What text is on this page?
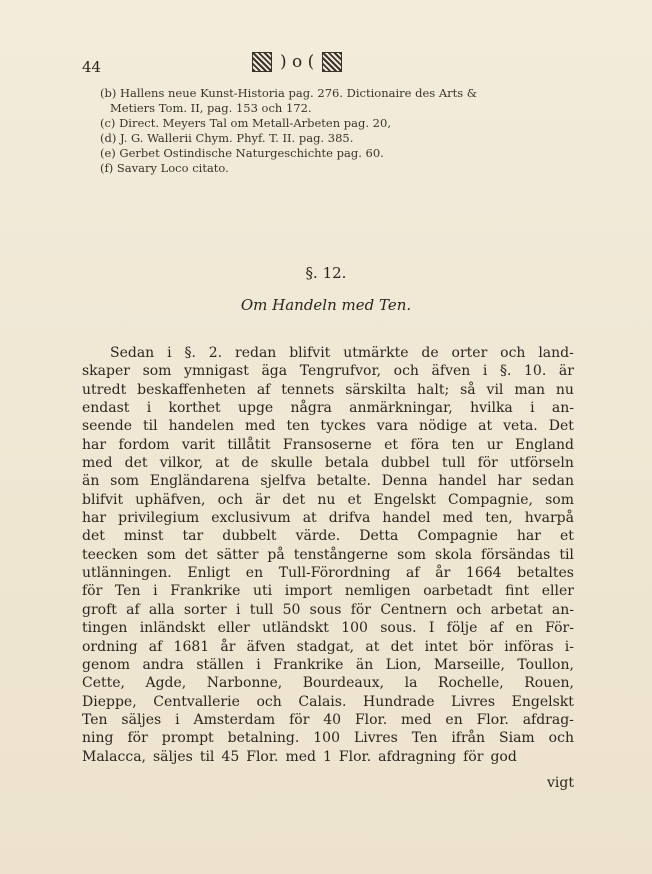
44	) o (
(b) Hallens neue Kunst-Historia pag. 276. Dictionaire des Arts &
Metiers Tom. II, pag. 153 och 172.
(c) Direct. Meyers Tal om Metall-Arbeten pag. 20,
(d) J. G. Wallerii Chym. Phyf. T. II. pag. 385.
(e) Gerbet Ostindische Naturgeschichte pag. 60.
(f) Savary Loco citato.
§. 12.
Om Handeln med Ten.
Sedan i §. 2. redan blifvit utmärkte de orter och land-
skaper som ymnigast äga Tengrufvor, och äfven i §. 10. är
utredt beskaffenheten af tennets särskilta halt; så vil man nu
endast i korthet upge några anmärkningar, hvilka i an-
seende til handelen med ten tyckes vara nödige at veta. Det
har fordom varit tillåtit Fransoserne et föra ten ur England
med det vilkor, at de skulle betala dubbel tull för utförseln
än som Engländarena sjelfva betalte. Denna handel har sedan
blifvit uphäfven, och är det nu et Engelskt Compagnie, som
har privilegium exclusivum at drifva handel med ten, hvarpå
det minst tar dubbelt värde. Detta Compagnie har et
teecken som det sätter på tenstångerne som skola försändas til
utlänningen. Enligt en Tull-Förordning af år 1664 betaltes
för Ten i Frankrike uti import nemligen oarbetadt fint eller
groft af alla sorter i tull 50 sous för Centnern och arbetat an-
tingen inländskt eller utländskt 100 sous. I följe af en För-
ordning af 1681 år äfven stadgat, at det intet bör införas i-
genom andra ställen i Frankrike än Lion, Marseille, Toullon,
Cette, Agde, Narbonne, Bourdeaux, la Rochelle, Rouen,
Dieppe, Centvallerie och Calais. Hundrade Livres Engelskt
Ten säljes i Amsterdam för 40 Flor. med en Flor. afdrag-
ning för prompt betalning. 100 Livres Ten ifrån Siam och
Malacca, säljes til 45 Flor. med 1 Flor. afdragning för god
vigt
